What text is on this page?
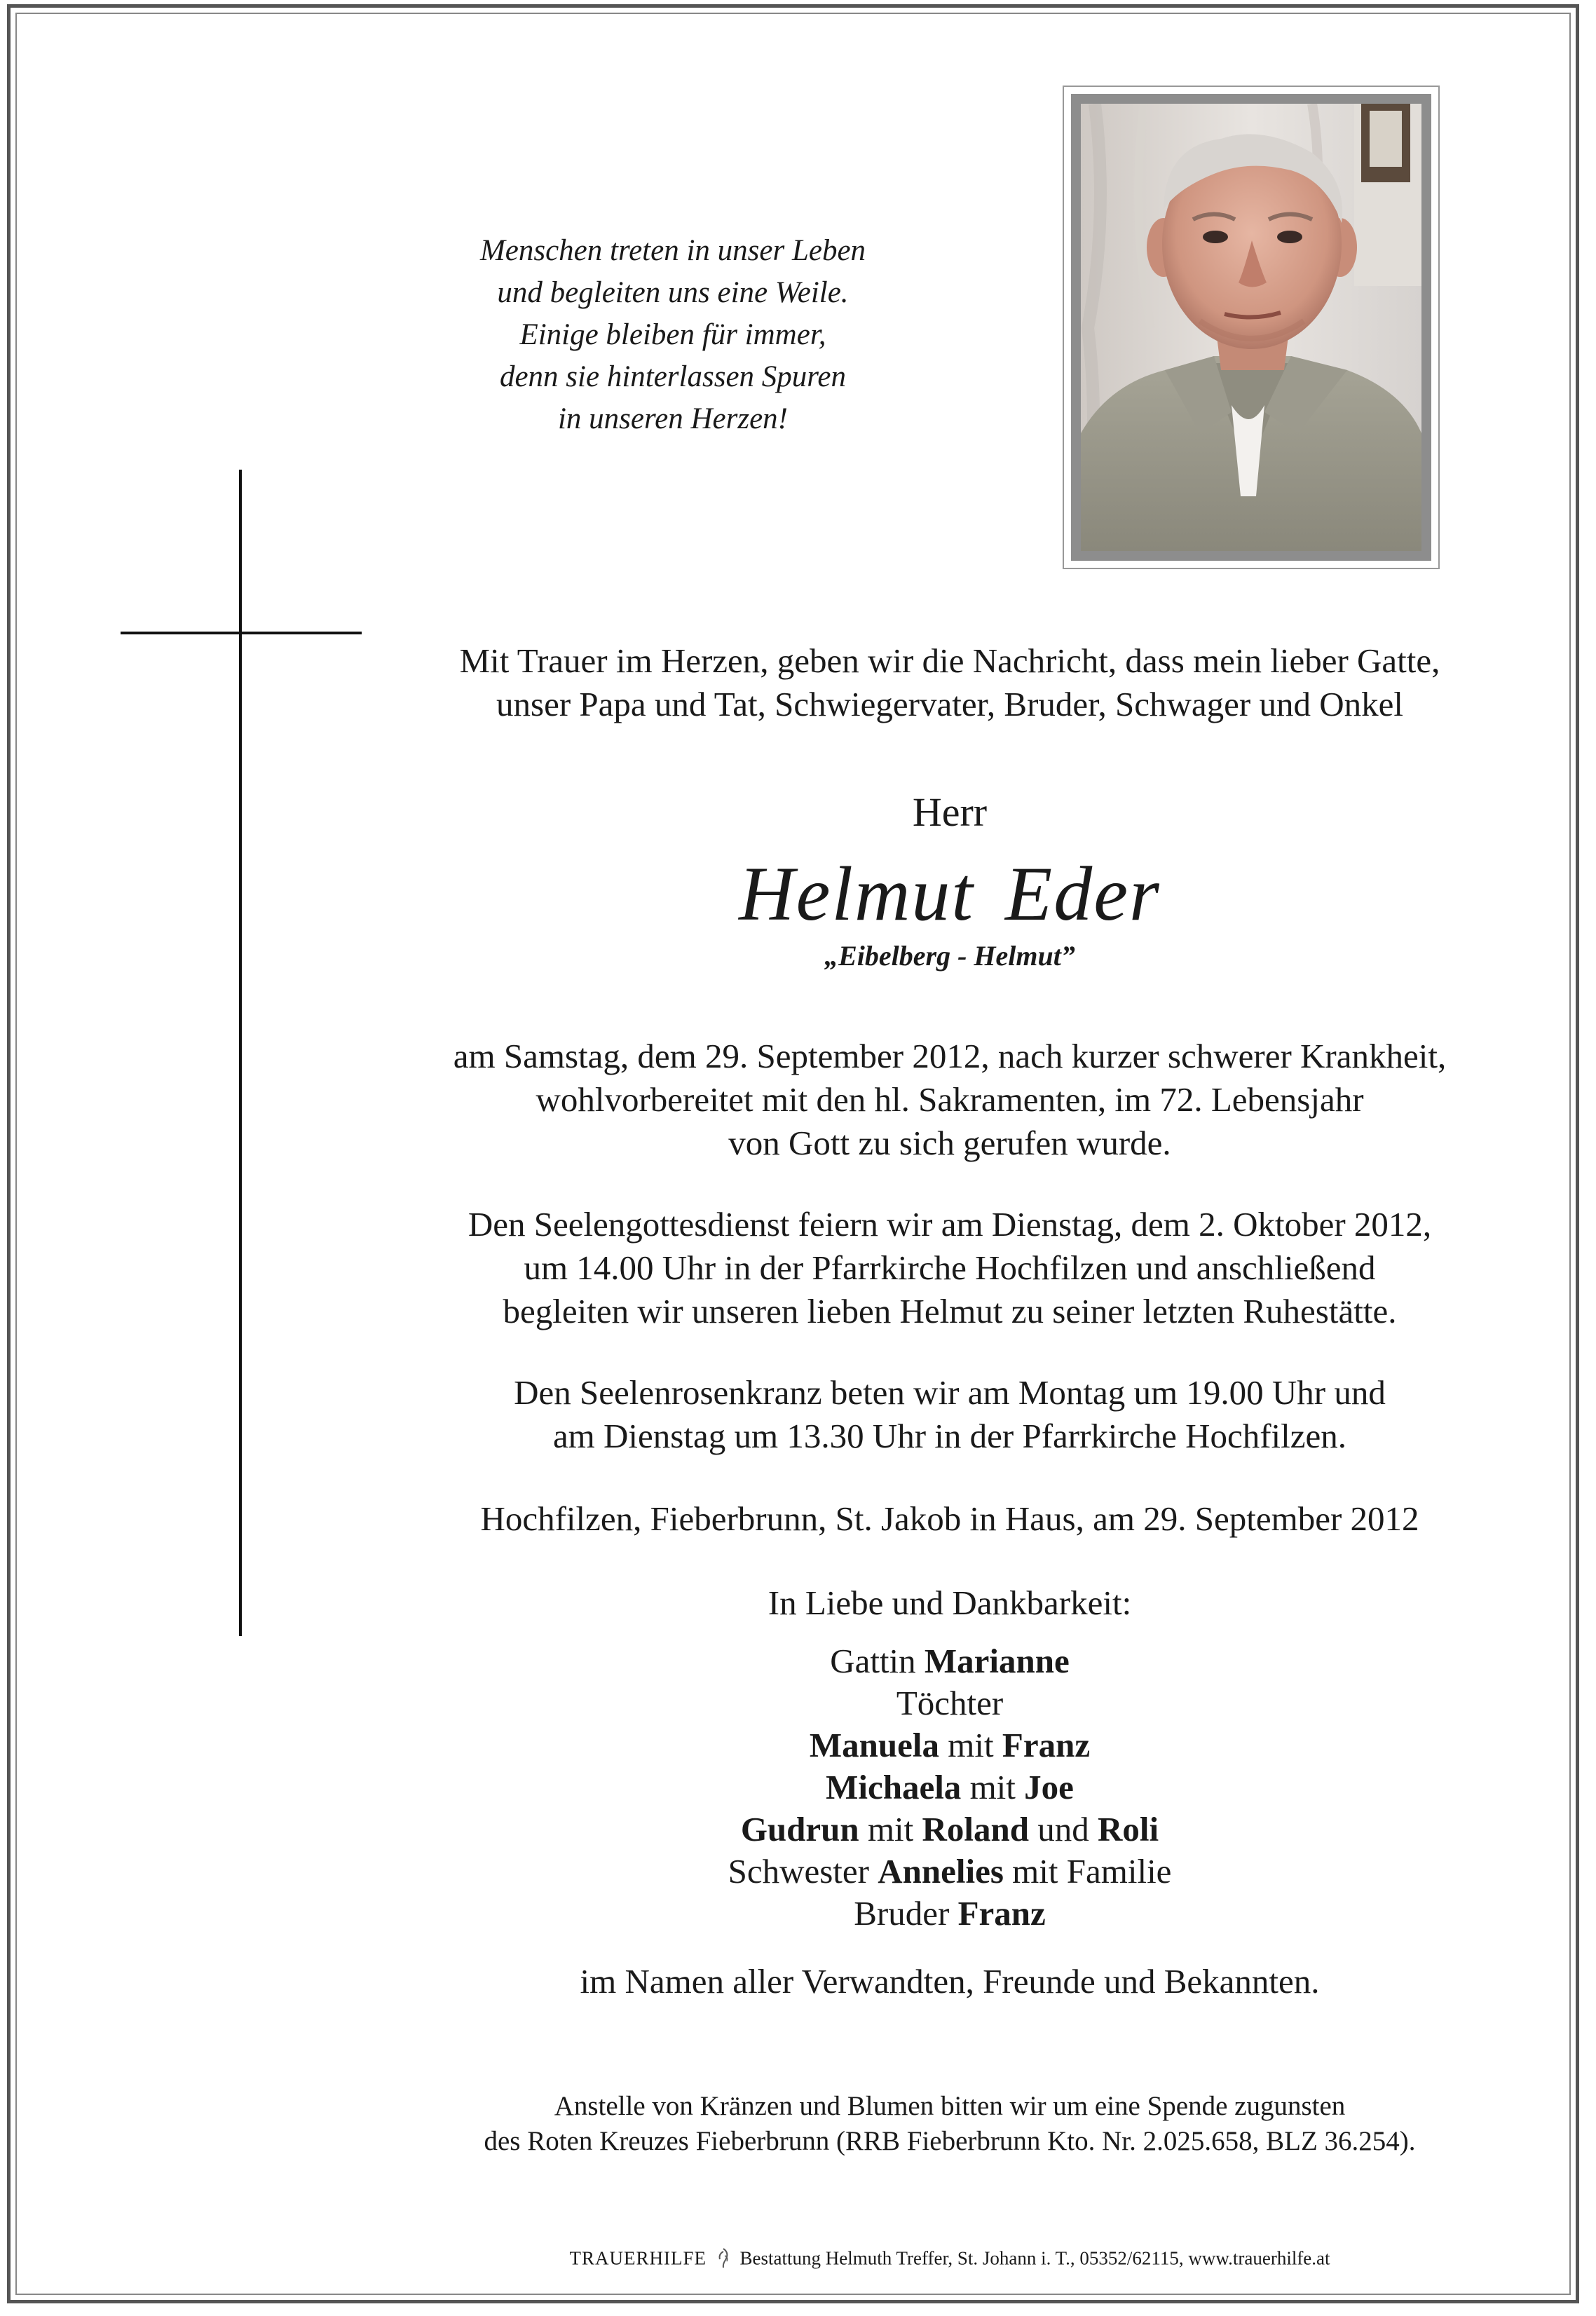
Menschen treten in unser Leben
und begleiten uns eine Weile.
Einige bleiben für immer,
denn sie hinterlassen Spuren
in unseren Herzen!
Mit Trauer im Herzen, geben wir die Nachricht, dass mein lieber Gatte,
unser Papa und Tat, Schwiegervater, Bruder, Schwager und Onkel
Herr
Helmut Eder
„Eibelberg - Helmut”
am Samstag, dem 29. September 2012, nach kurzer schwerer Krankheit,
wohlvorbereitet mit den hl. Sakramenten, im 72. Lebensjahr
von Gott zu sich gerufen wurde.
Den Seelengottesdienst feiern wir am Dienstag, dem 2. Oktober 2012,
um 14.00 Uhr in der Pfarrkirche Hochfilzen und anschließend
begleiten wir unseren lieben Helmut zu seiner letzten Ruhestätte.
Den Seelenrosenkranz beten wir am Montag um 19.00 Uhr und
am Dienstag um 13.30 Uhr in der Pfarrkirche Hochfilzen.
Hochfilzen, Fieberbrunn, St. Jakob in Haus, am 29. September 2012
In Liebe und Dankbarkeit:
Gattin Marianne
Töchter
Manuela mit Franz
Michaela mit Joe
Gudrun mit Roland und Roli
Schwester Annelies mit Familie
Bruder Franz
im Namen aller Verwandten, Freunde und Bekannten.
Anstelle von Kränzen und Blumen bitten wir um eine Spende zugunsten
des Roten Kreuzes Fieberbrunn (RRB Fieberbrunn Kto. Nr. 2.025.658, BLZ 36.254).
TRAUERHILFE Bestattung Helmuth Treffer, St. Johann i. T., 05352/62115, www.trauerhilfe.at
